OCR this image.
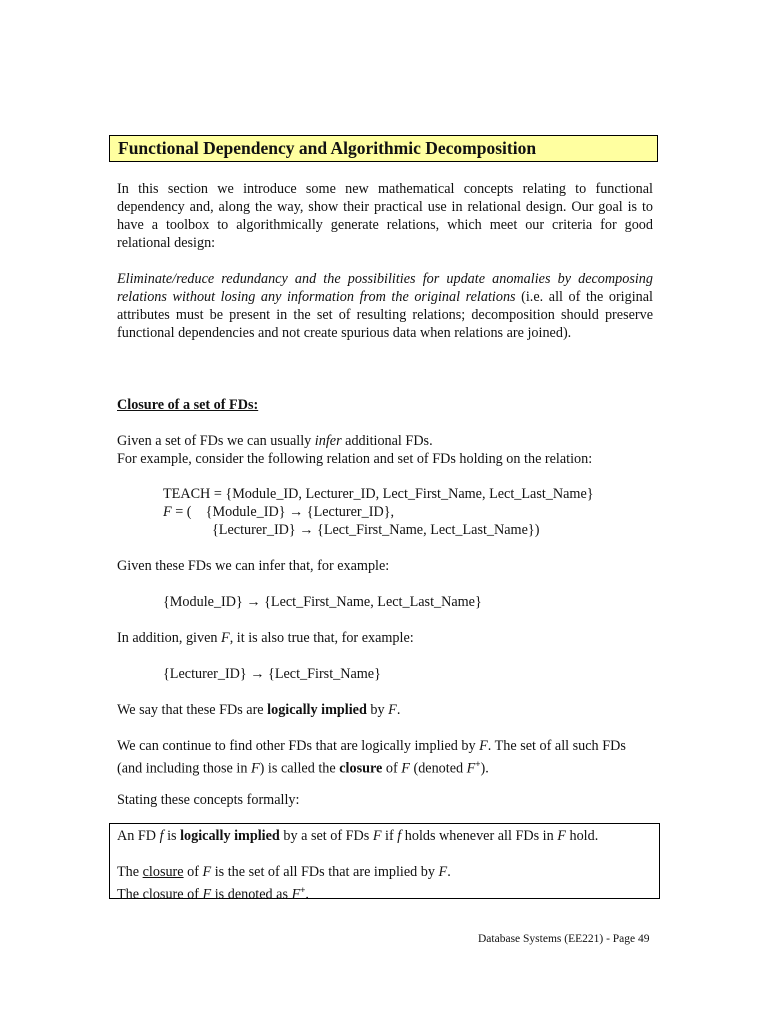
Functional Dependency and Algorithmic Decomposition
In this section we introduce some new mathematical concepts relating to functional dependency and, along the way, show their practical use in relational design. Our goal is to have a toolbox to algorithmically generate relations, which meet our criteria for good relational design:
Eliminate/reduce redundancy and the possibilities for update anomalies by decomposing relations without losing any information from the original relations (i.e. all of the original attributes must be present in the set of resulting relations; decomposition should preserve functional dependencies and not create spurious data when relations are joined).
Closure of a set of FDs:
Given a set of FDs we can usually infer additional FDs.
For example, consider the following relation and set of FDs holding on the relation:
TEACH = {Module_ID, Lecturer_ID, Lect_First_Name, Lect_Last_Name}
F = (    {Module_ID} → {Lecturer_ID},
{Lecturer_ID} → {Lect_First_Name, Lect_Last_Name})
Given these FDs we can infer that, for example:
{Module_ID} → {Lect_First_Name, Lect_Last_Name}
In addition, given F, it is also true that, for example:
{Lecturer_ID} → {Lect_First_Name}
We say that these FDs are logically implied by F.
We can continue to find other FDs that are logically implied by F. The set of all such FDs (and including those in F) is called the closure of F (denoted F+).
Stating these concepts formally:
An FD f is logically implied by a set of FDs F if f holds whenever all FDs in F hold.
The closure of F is the set of all FDs that are implied by F.
The closure of F is denoted as F+.
Database Systems (EE221) - Page 49
